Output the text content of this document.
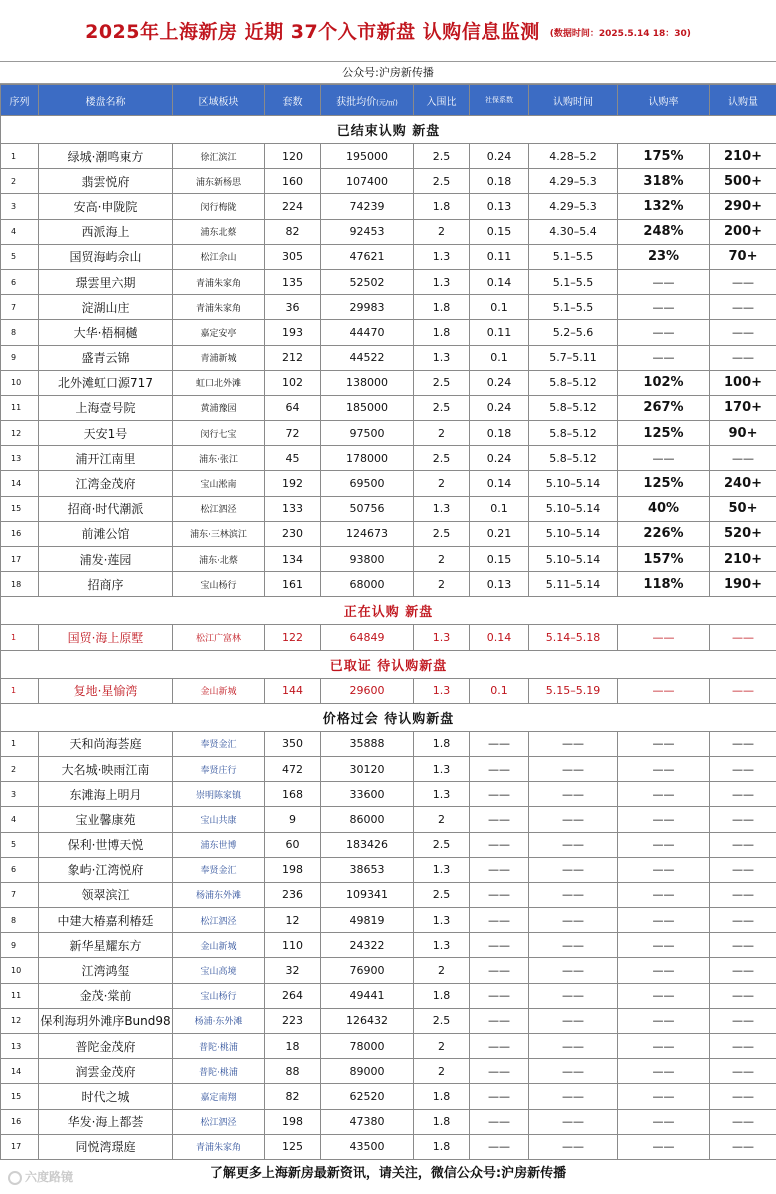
2025年上海新房 近期 37个入市新盘 认购信息监测 (数据时间：2025.5.14 18：30)
公众号:沪房新传播
序列	楼盘名称	区域板块	套数	获批均价(元/㎡)	入围比	社保系数	认购时间	认购率	认购量
已结束认购 新盘									
1	绿城·潮鸣東方	徐汇滨江	120	195000	2.5	0.24	4.28–5.2	175%	210+
2	翡雲悦府	浦东新杨思	160	107400	2.5	0.18	4.29–5.3	318%	500+
3	安高·申陇院	闵行梅陇	224	74239	1.8	0.13	4.29–5.3	132%	290+
4	西派海上	浦东北蔡	82	92453	2	0.15	4.30–5.4	248%	200+
5	国贸海屿佘山	松江佘山	305	47621	1.3	0.11	5.1–5.5	23%	70+
6	璟雲里六期	青浦朱家角	135	52502	1.3	0.14	5.1–5.5	——	——
7	淀湖山庄	青浦朱家角	36	29983	1.8	0.1	5.1–5.5	——	——
8	大华·梧桐樾	嘉定安亭	193	44470	1.8	0.11	5.2–5.6	——	——
9	盛青云锦	青浦新城	212	44522	1.3	0.1	5.7–5.11	——	——
10	北外滩虹口源717	虹口北外滩	102	138000	2.5	0.24	5.8–5.12	102%	100+
11	上海壹号院	黄浦豫园	64	185000	2.5	0.24	5.8–5.12	267%	170+
12	天安1号	闵行七宝	72	97500	2	0.18	5.8–5.12	125%	90+
13	浦开江南里	浦东·张江	45	178000	2.5	0.24	5.8–5.12	——	——
14	江湾金茂府	宝山淞南	192	69500	2	0.14	5.10–5.14	125%	240+
15	招商·时代潮派	松江泗泾	133	50756	1.3	0.1	5.10–5.14	40%	50+
16	前滩公馆	浦东·三林滨江	230	124673	2.5	0.21	5.10–5.14	226%	520+
17	浦发·莲园	浦东·北蔡	134	93800	2	0.15	5.10–5.14	157%	210+
18	招商序	宝山杨行	161	68000	2	0.13	5.11–5.14	118%	190+
正在认购 新盘									
1	国贸·海上原墅	松江广富林	122	64849	1.3	0.14	5.14–5.18	——	——
已取证 待认购新盘									
1	复地·星愉湾	金山新城	144	29600	1.3	0.1	5.15–5.19	——	——
价格过会 待认购新盘									
1	天和尚海荟庭	奉贤金汇	350	35888	1.8	——	——	——	——
2	大名城·映雨江南	奉贤庄行	472	30120	1.3	——	——	——	——
3	东滩海上明月	崇明陈家镇	168	33600	1.3	——	——	——	——
4	宝业馨康苑	宝山共康	9	86000	2	——	——	——	——
5	保利·世博天悦	浦东世博	60	183426	2.5	——	——	——	——
6	象屿·江湾悦府	奉贤金汇	198	38653	1.3	——	——	——	——
7	领翠滨江	杨浦东外滩	236	109341	2.5	——	——	——	——
8	中建大椿嘉利椿廷	松江泗泾	12	49819	1.3	——	——	——	——
9	新华星耀东方	金山新城	110	24322	1.3	——	——	——	——
10	江湾鸿玺	宝山高境	32	76900	2	——	——	——	——
11	金茂·棠前	宝山杨行	264	49441	1.8	——	——	——	——
12	保利海玥外滩序Bund98	杨浦·东外滩	223	126432	2.5	——	——	——	——
13	普陀金茂府	普陀·桃浦	18	78000	2	——	——	——	——
14	润雲金茂府	普陀·桃浦	88	89000	2	——	——	——	——
15	时代之城	嘉定南翔	82	62520	1.8	——	——	——	——
16	华发·海上都荟	松江泗泾	198	47380	1.8	——	——	——	——
17	同悦湾璟庭	青浦朱家角	125	43500	1.8	——	——	——	——
了解更多上海新房最新资讯，请关注，微信公众号:沪房新传播
六度路镜
